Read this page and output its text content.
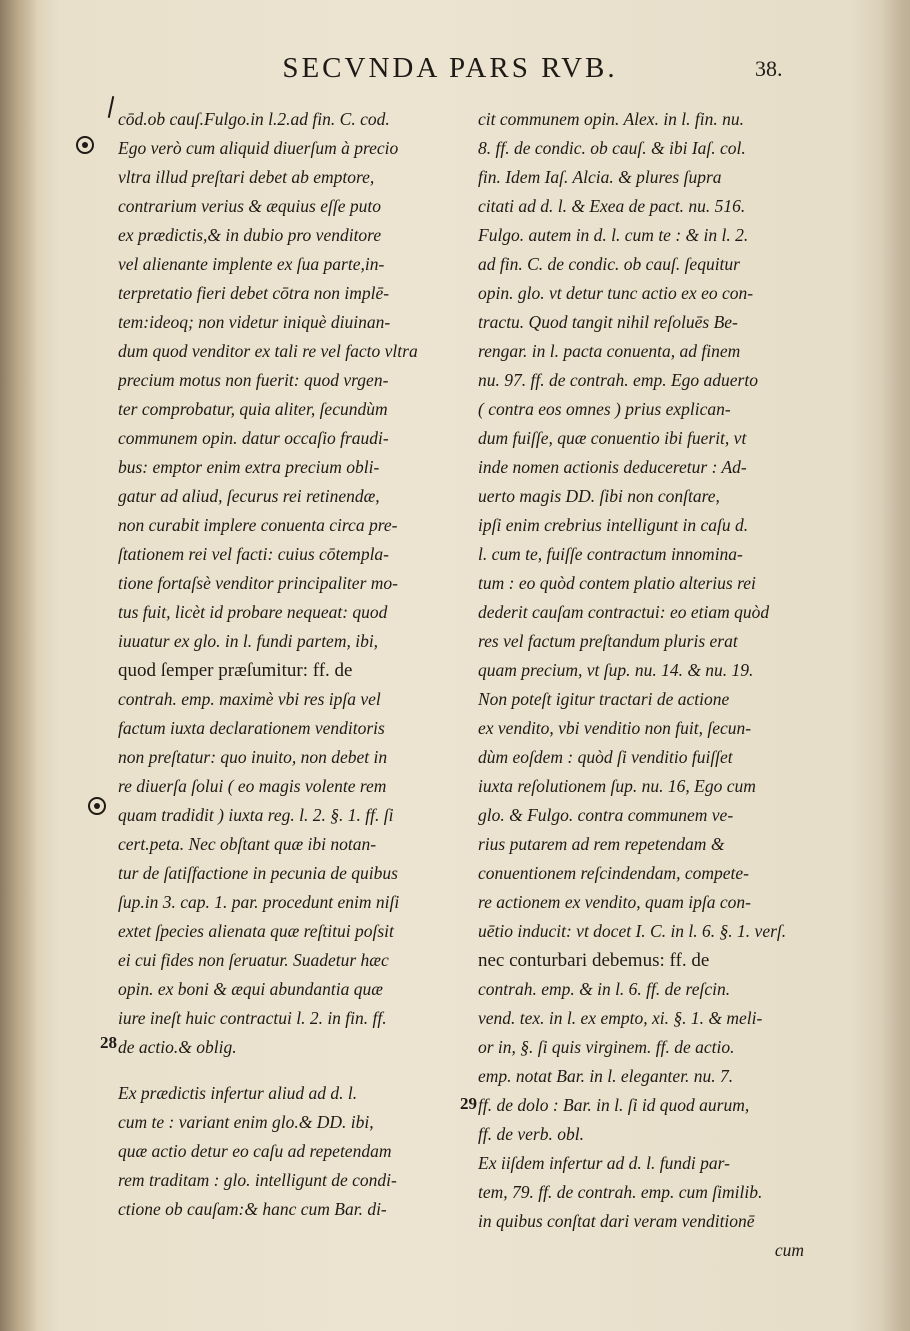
SECVNDA PARS RVB.	38.
28
29
cōd.ob cauſ.Fulgo.in l.2.ad fin. C. cod.
Ego verò cum aliquid diuerſum à precio
vltra illud preſtari debet ab emptore,
contrarium verius & æquius eſſe puto
ex prædictis,& in dubio pro venditore
vel alienante implente ex ſua parte,in-
terpretatio fieri debet cōtra non implē-
tem:ideoq; non videtur iniquè diuinan-
dum quod venditor ex tali re vel facto vltra
precium motus non fuerit: quod vrgen-
ter comprobatur, quia aliter, ſecundùm
communem opin. datur occaſio fraudi-
bus: emptor enim extra precium obli-
gatur ad aliud, ſecurus rei retinendæ,
non curabit implere conuenta circa pre-
ſtationem rei vel facti: cuius cōtempla-
tione fortaſsè venditor principaliter mo-
tus fuit, licèt id probare nequeat: quod
iuuatur ex glo. in l. fundi partem, ibi,
quod ſemper præſumitur: ff. de
contrah. emp. maximè vbi res ipſa vel
factum iuxta declarationem venditoris
non preſtatur: quo inuito, non debet in
re diuerſa ſolui ( eo magis volente rem
quam tradidit ) iuxta reg. l. 2. §. 1. ff. ſi
cert.peta. Nec obſtant quæ ibi notan-
tur de ſatiſfactione in pecunia de quibus
ſup.in 3. cap. 1. par. procedunt enim niſi
extet ſpecies alienata quæ reſtitui poſsit
ei cui fides non ſeruatur. Suadetur hæc
opin. ex boni & æqui abundantia quæ
iure ineſt huic contractui l. 2. in fin. ff.
de actio.& oblig.
Ex prædictis infertur aliud ad d. l.
cum te : variant enim glo.& DD. ibi,
quæ actio detur eo caſu ad repetendam
rem traditam : glo. intelligunt de condi-
ctione ob cauſam:& hanc cum Bar. di-
cit communem opin. Alex. in l. fin. nu.
8. ff. de condic. ob cauſ. & ibi Iaſ. col.
fin. Idem Iaſ. Alcia. & plures ſupra
citati ad d. l. & Exea de pact. nu. 516.
Fulgo. autem in d. l. cum te : & in l. 2.
ad fin. C. de condic. ob cauſ. ſequitur
opin. glo. vt detur tunc actio ex eo con-
tractu. Quod tangit nihil reſoluēs Be-
rengar. in l. pacta conuenta, ad finem
nu. 97. ff. de contrah. emp. Ego aduerto
( contra eos omnes ) prius explican-
dum fuiſſe, quæ conuentio ibi fuerit, vt
inde nomen actionis deduceretur : Ad-
uerto magis DD. ſibi non conſtare,
ipſi enim crebrius intelligunt in caſu d.
l. cum te, fuiſſe contractum innomina-
tum : eo quòd contem platio alterius rei
dederit cauſam contractui: eo etiam quòd
res vel factum preſtandum pluris erat
quam precium, vt ſup. nu. 14. & nu. 19.
Non poteſt igitur tractari de actione
ex vendito, vbi venditio non fuit, ſecun-
dùm eoſdem : quòd ſi venditio fuiſſet
iuxta reſolutionem ſup. nu. 16, Ego cum
glo. & Fulgo. contra communem ve-
rius putarem ad rem repetendam &
conuentionem reſcindendam, compete-
re actionem ex vendito, quam ipſa con-
uētio inducit: vt docet I. C. in l. 6. §. 1. verſ.
nec conturbari debemus: ff. de
contrah. emp. & in l. 6. ff. de reſcin.
vend. tex. in l. ex empto, xi. §. 1. & meli-
or in, §. ſi quis virginem. ff. de actio.
emp. notat Bar. in l. eleganter. nu. 7.
ff. de dolo : Bar. in l. ſi id quod aurum,
ff. de verb. obl.
Ex iiſdem infertur ad d. l. fundi par-
tem, 79. ff. de contrah. emp. cum ſimilib.
in quibus conſtat dari veram venditionē
cum
